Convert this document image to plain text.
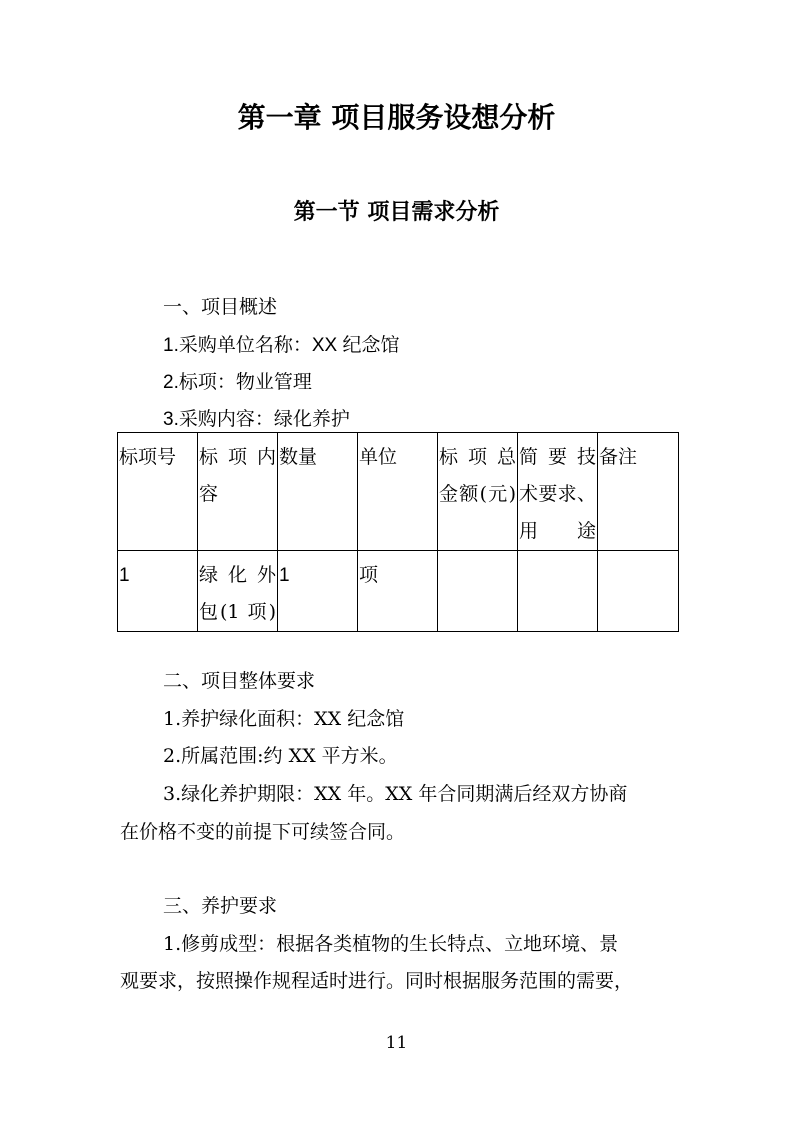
第一章 项目服务设想分析
第一节 项目需求分析
一、项目概述
1.采购单位名称：XX 纪念馆
2.标项：物业管理
3.采购内容：绿化养护
标项号	标 项 内容	数量	单位	标 项 总金额(元)	简 要 技术要求、用途	备注
1	绿 化 外包(1 项)	1	项			
二、项目整体要求
1.养护绿化面积：XX 纪念馆
2.所属范围:约 XX 平方米。
3.绿化养护期限：XX 年。XX 年合同期满后经双方协商
在价格不变的前提下可续签合同。
三、养护要求
1.修剪成型：根据各类植物的生长特点、立地环境、景
观要求，按照操作规程适时进行。同时根据服务范围的需要，
11
